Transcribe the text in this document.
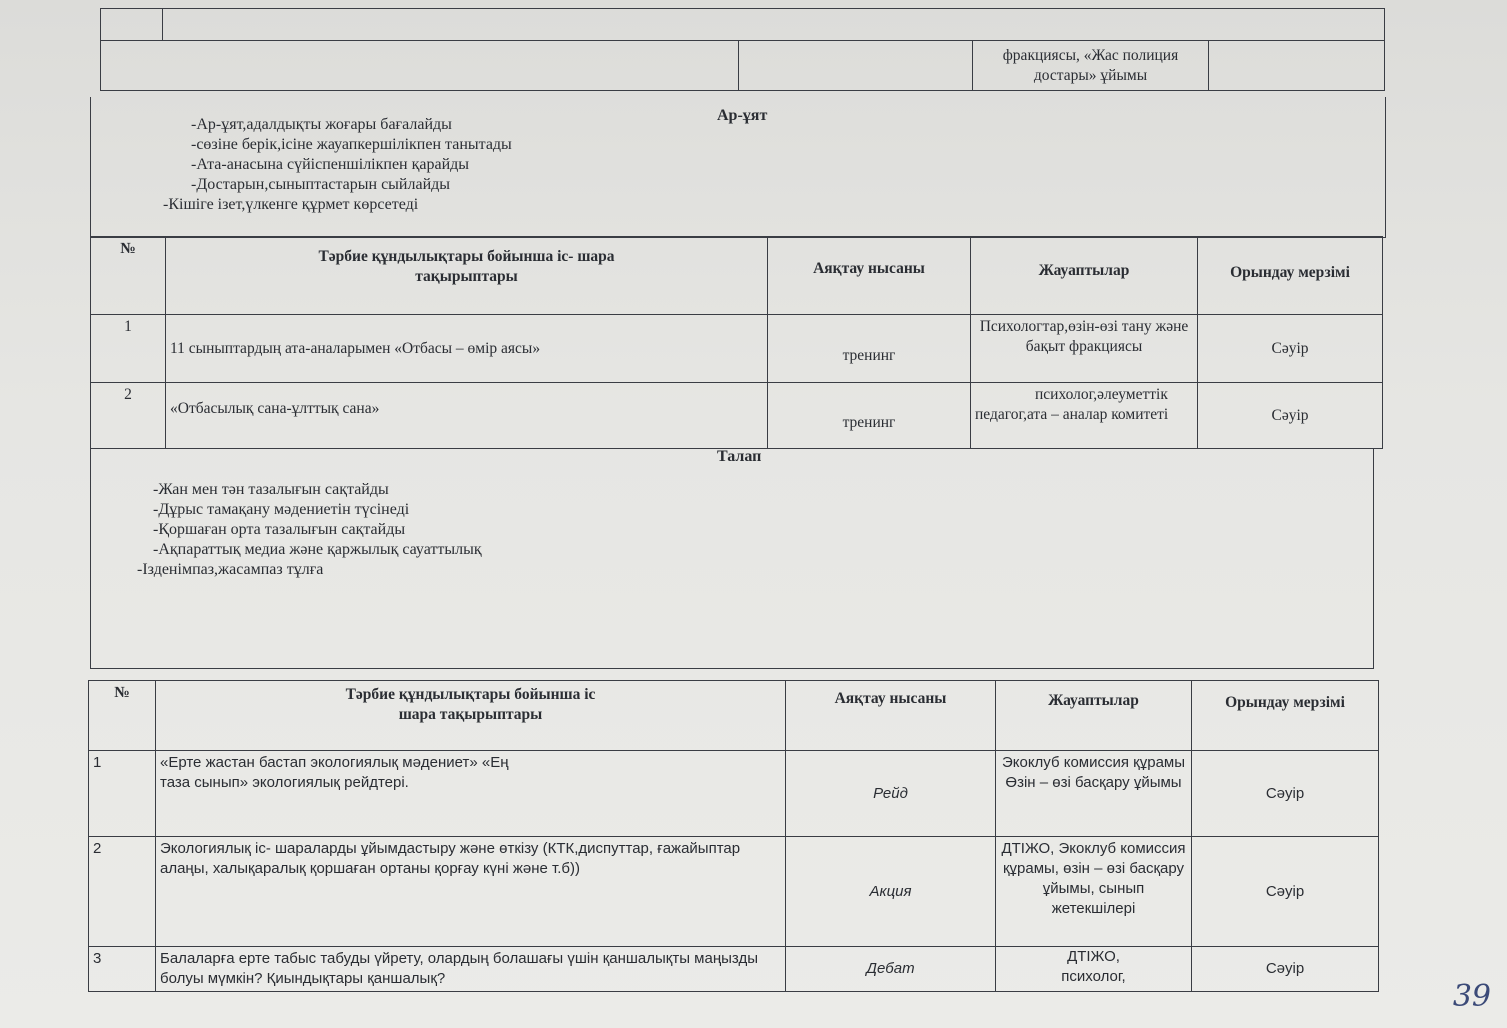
			фракциясы, «Жас полиция достары» ұйымы	
Ар-ұят
-Ар-ұят,адалдықты жоғары бағалайды
-сөзіне берік,ісіне жауапкершілікпен танытады
-Ата-анасына сүйіспеншілікпен қарайды
-Достарын,сыныптастарын сыйлайды
-Кішіге ізет,үлкенге құрмет көрсетеді
№	Тәрбие құндылықтары бойынша іс- шара тақырыптары	Аяқтау нысаны	Жауаптылар	Орындау мерзімі
1	11 сыныптардың ата-аналарымен «Отбасы – өмір аясы»	тренинг	Психологтар,өзін-өзі тану және бақыт фракциясы	Сәуір
2	«Отбасылық сана-ұлттық сана»	тренинг	психолог,әлеуметтік педагог,ата – аналар комитеті	Сәуір
Талап
-Жан мен тән тазалығын сақтайды
-Дұрыс тамақану мәдениетін түсінеді
-Қоршаған орта тазалығын сақтайды
-Ақпараттық медиа және қаржылық сауаттылық
-Ізденімпаз,жасампаз тұлға
№	Тәрбие құндылықтары бойынша іс шара тақырыптары	Аяқтау нысаны	Жауаптылар	Орындау мерзімі
1	«Ерте жастан бастап экологиялық мәдениет» «Ең таза сынып» экологиялық рейдтері.	Рейд	Экоклуб комиссия құрамы Өзін – өзі басқару ұйымы	Сәуір
2	Экологиялық іс- шараларды ұйымдастыру және өткізу (КТК,диспуттар, ғажайыптар алаңы, халықаралық қоршаған ортаны қорғау күні және т.б))	Акция	ДТІЖО, Экоклуб комиссия құрамы, өзін – өзі басқару ұйымы, сынып жетекшілері	Сәуір
3	Балаларға ерте табыс табуды үйрету, олардың болашағы үшін қаншалықты маңызды болуы мүмкін? Қиындықтары қаншалық?	Дебат	ДТІЖО, психолог,	Сәуір
39
